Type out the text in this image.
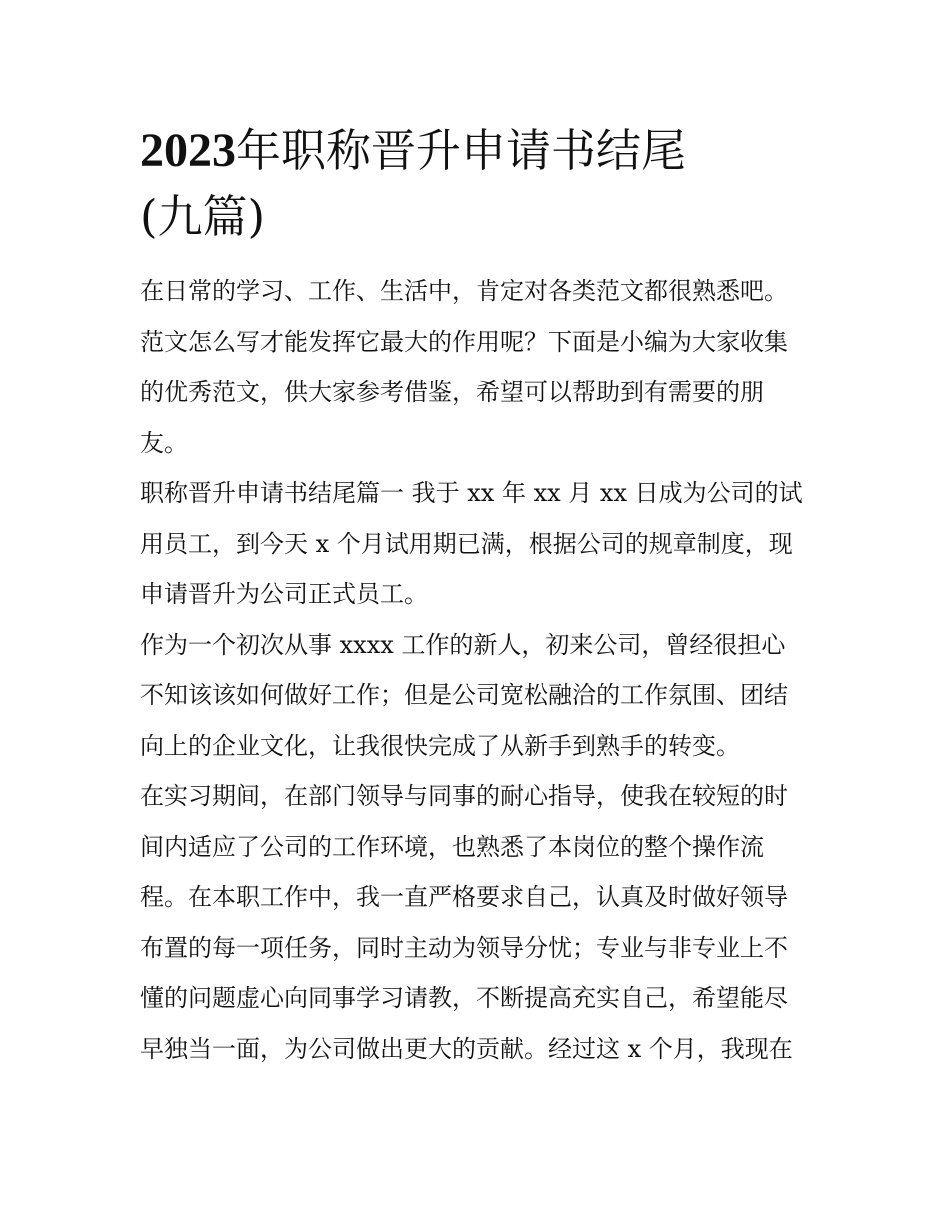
2023年职称晋升申请书结尾
(九篇)

在日常的学习、工作、生活中，肯定对各类范文都很熟悉吧。
范文怎么写才能发挥它最大的作用呢？下面是小编为大家收集
的优秀范文，供大家参考借鉴，希望可以帮助到有需要的朋
友。

职称晋升申请书结尾篇一 我于 xx 年 xx 月 xx 日成为公司的试
用员工，到今天 x 个月试用期已满，根据公司的规章制度，现
申请晋升为公司正式员工。

作为一个初次从事 xxxx 工作的新人，初来公司，曾经很担心
不知该该如何做好工作；但是公司宽松融洽的工作氛围、团结
向上的企业文化，让我很快完成了从新手到熟手的转变。

在实习期间，在部门领导与同事的耐心指导，使我在较短的时
间内适应了公司的工作环境，也熟悉了本岗位的整个操作流
程。在本职工作中，我一直严格要求自己，认真及时做好领导
布置的每一项任务，同时主动为领导分忧；专业与非专业上不
懂的问题虚心向同事学习请教，不断提高充实自己，希望能尽
早独当一面，为公司做出更大的贡献。经过这 x 个月，我现在
